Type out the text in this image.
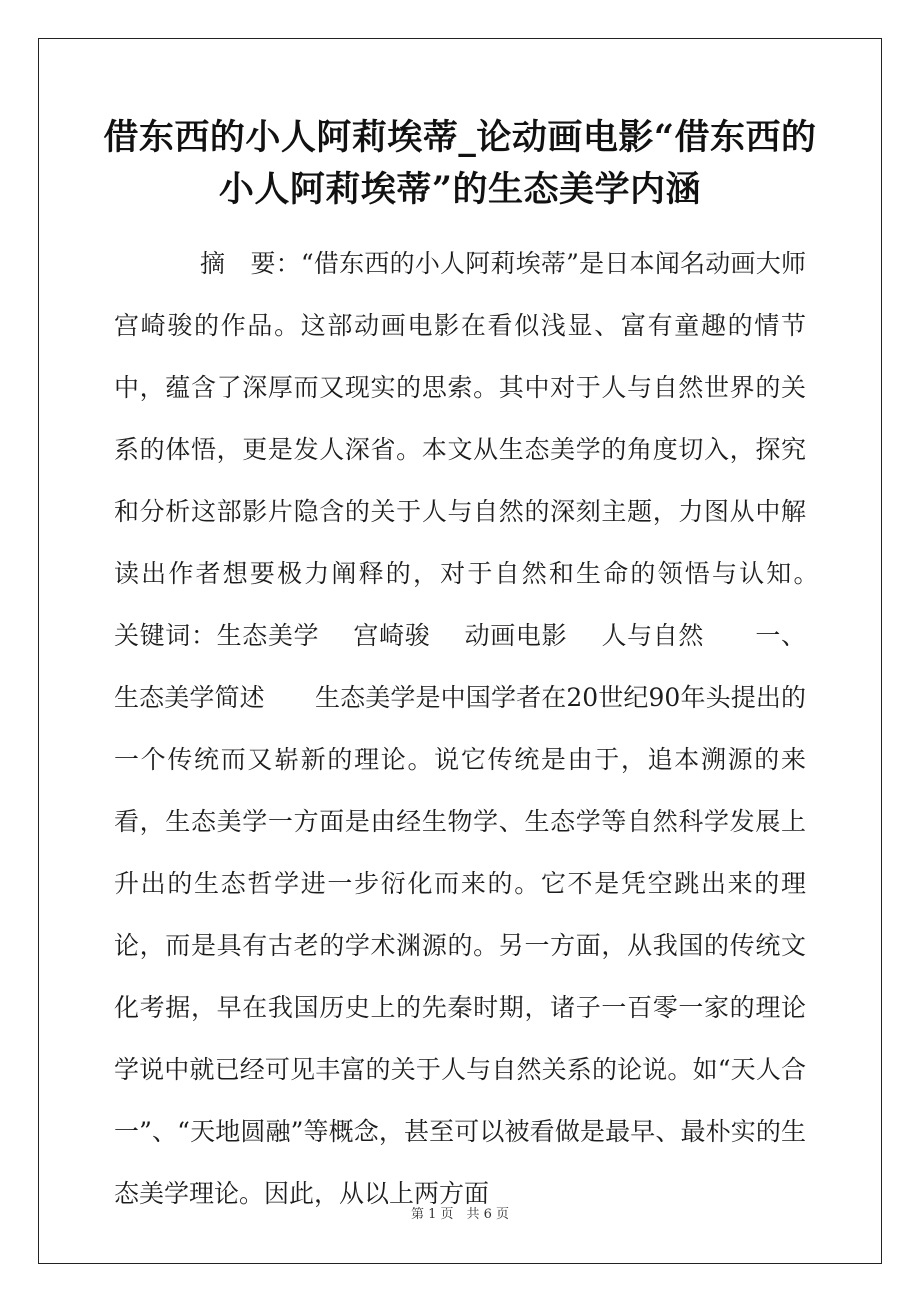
借东西的小人阿莉埃蒂_论动画电影“借东西的小人阿莉埃蒂”的生态美学内涵

摘　要：“借东西的小人阿莉埃蒂”是日本闻名动画大师宫崎骏的作品。这部动画电影在看似浅显、富有童趣的情节中，蕴含了深厚而又现实的思索。其中对于人与自然世界的关系的体悟，更是发人深省。本文从生态美学的角度切入，探究和分析这部影片隐含的关于人与自然的深刻主题，力图从中解读出作者想要极力阐释的，对于自然和生命的领悟与认知。　　关键词：生态美学　 宫崎骏　 动画电影　 人与自然　　一、生态美学简述　　生态美学是中国学者在20世纪90年头提出的一个传统而又崭新的理论。说它传统是由于，追本溯源的来看，生态美学一方面是由经生物学、生态学等自然科学发展上升出的生态哲学进一步衍化而来的。它不是凭空跳出来的理论，而是具有古老的学术渊源的。另一方面，从我国的传统文化考据，早在我国历史上的先秦时期，诸子一百零一家的理论学说中就已经可见丰富的关于人与自然关系的论说。如“天人合一”、“天地圆融”等概念，甚至可以被看做是最早、最朴实的生态美学理论。因此，从以上两方面

第 1 页　共 6 页
